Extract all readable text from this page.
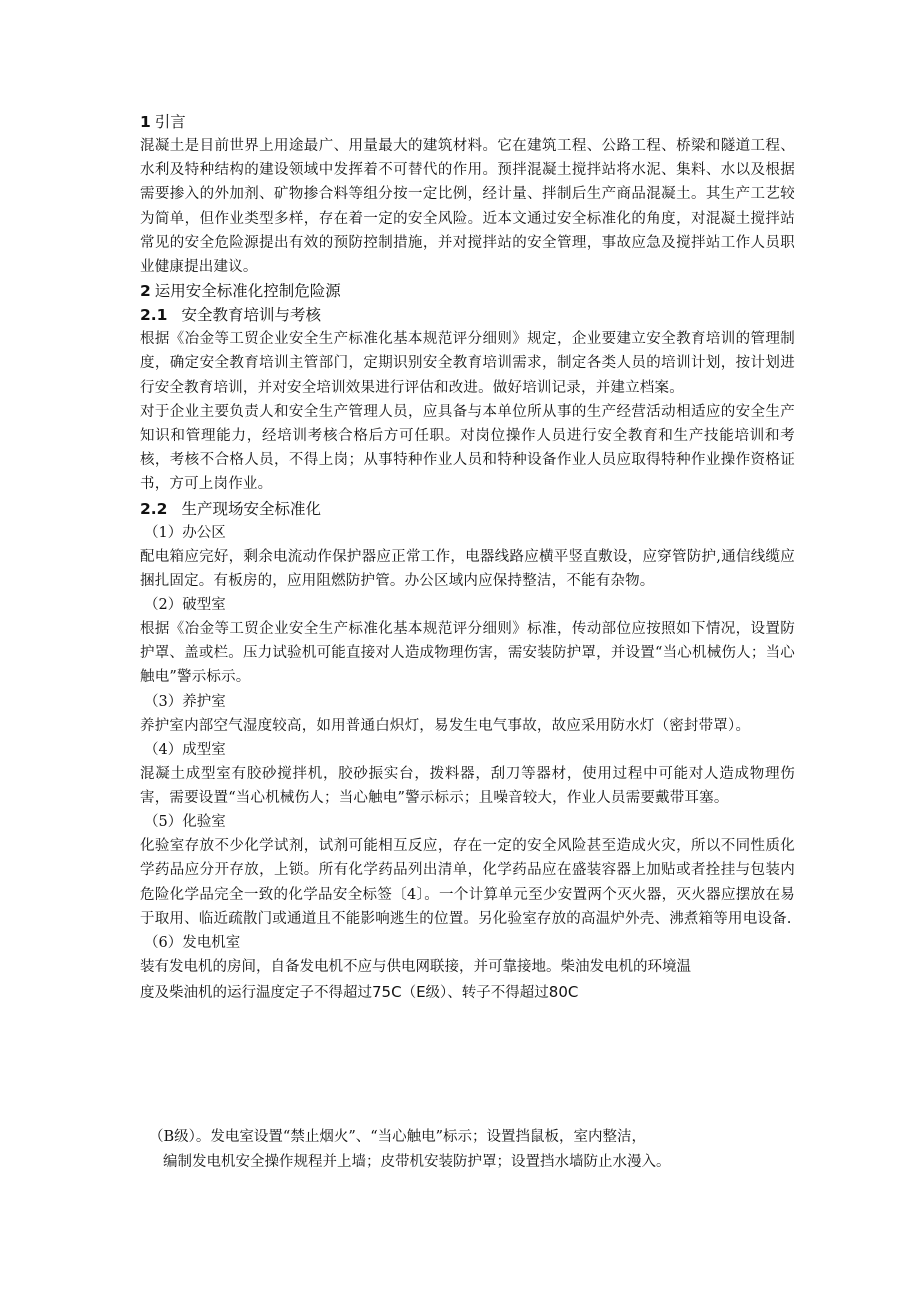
1 引言
混凝土是目前世界上用途最广、用量最大的建筑材料。它在建筑工程、公路工程、桥梁和隧道工程、水利及特种结构的建设领域中发挥着不可替代的作用。预拌混凝土搅拌站将水泥、集料、水以及根据需要掺入的外加剂、矿物掺合料等组分按一定比例，经计量、拌制后生产商品混凝土。其生产工艺较为简单，但作业类型多样，存在着一定的安全风险。近本文通过安全标准化的角度，对混凝土搅拌站常见的安全危险源提出有效的预防控制措施，并对搅拌站的安全管理，事故应急及搅拌站工作人员职业健康提出建议。
2 运用安全标准化控制危险源
2.1 安全教育培训与考核
根据《冶金等工贸企业安全生产标准化基本规范评分细则》规定，企业要建立安全教育培训的管理制度，确定安全教育培训主管部门，定期识别安全教育培训需求，制定各类人员的培训计划，按计划进行安全教育培训，并对安全培训效果进行评估和改进。做好培训记录，并建立档案。
对于企业主要负责人和安全生产管理人员，应具备与本单位所从事的生产经营活动相适应的安全生产知识和管理能力，经培训考核合格后方可任职。对岗位操作人员进行安全教育和生产技能培训和考核，考核不合格人员，不得上岗；从事特种作业人员和特种设备作业人员应取得特种作业操作资格证书，方可上岗作业。
2.2 生产现场安全标准化
（1）办公区
配电箱应完好，剩余电流动作保护器应正常工作，电器线路应横平竖直敷设，应穿管防护,通信线缆应捆扎固定。有板房的，应用阻燃防护管。办公区域内应保持整洁，不能有杂物。
（2）破型室
根据《冶金等工贸企业安全生产标准化基本规范评分细则》标准，传动部位应按照如下情况，设置防护罩、盖或栏。压力试验机可能直接对人造成物理伤害，需安装防护罩，并设置“当心机械伤人；当心触电”警示标示。
（3）养护室
养护室内部空气湿度较高，如用普通白炽灯，易发生电气事故，故应采用防水灯（密封带罩）。
（4）成型室
混凝土成型室有胶砂搅拌机，胶砂振实台，拨料器，刮刀等器材，使用过程中可能对人造成物理伤害，需要设置“当心机械伤人；当心触电”警示标示；且噪音较大，作业人员需要戴带耳塞。
（5）化验室
化验室存放不少化学试剂，试剂可能相互反应，存在一定的安全风险甚至造成火灾，所以不同性质化学药品应分开存放，上锁。所有化学药品列出清单，化学药品应在盛装容器上加贴或者拴挂与包装内危险化学品完全一致的化学品安全标签〔4〕。一个计算单元至少安置两个灭火器，灭火器应摆放在易于取用、临近疏散门或通道且不能影响逃生的位置。另化验室存放的高温炉外壳、沸煮箱等用电设备.
（6）发电机室
装有发电机的房间，自备发电机不应与供电网联接，并可靠接地。柴油发电机的环境温
度及柴油机的运行温度定子不得超过75C（E级）、转子不得超过80C
（B级）。发电室设置“禁止烟火”、“当心触电”标示；设置挡鼠板，室内整洁，
编制发电机安全操作规程并上墙；皮带机安装防护罩；设置挡水墙防止水漫入。
